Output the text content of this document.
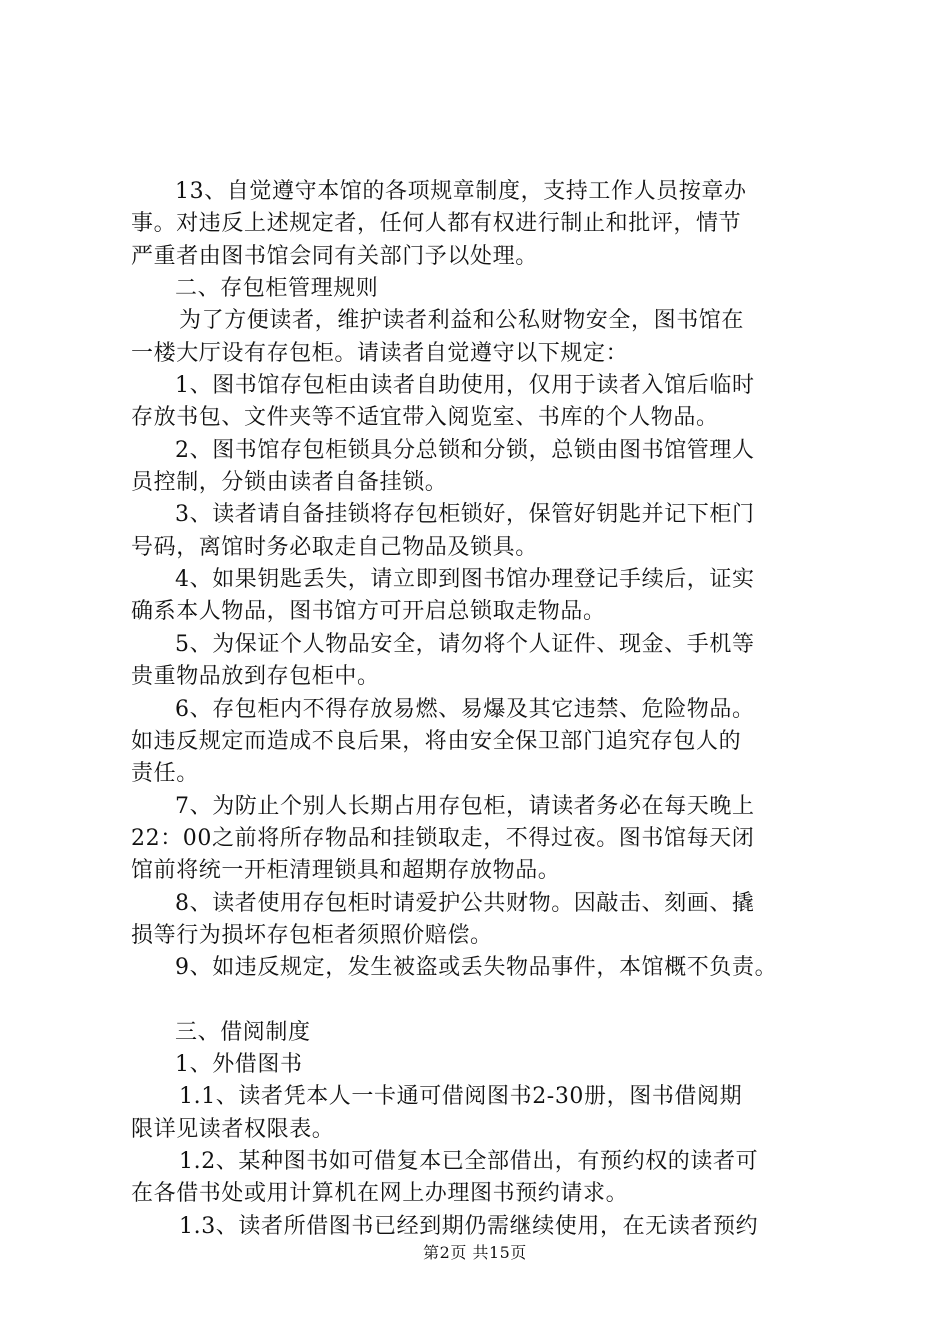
13、自觉遵守本馆的各项规章制度，支持工作人员按章办
事。对违反上述规定者，任何人都有权进行制止和批评，情节
严重者由图书馆会同有关部门予以处理。
二、存包柜管理规则
为了方便读者，维护读者利益和公私财物安全，图书馆在
一楼大厅设有存包柜。请读者自觉遵守以下规定：
1、图书馆存包柜由读者自助使用，仅用于读者入馆后临时
存放书包、文件夹等不适宜带入阅览室、书库的个人物品。
2、图书馆存包柜锁具分总锁和分锁，总锁由图书馆管理人
员控制，分锁由读者自备挂锁。
3、读者请自备挂锁将存包柜锁好，保管好钥匙并记下柜门
号码，离馆时务必取走自己物品及锁具。
4、如果钥匙丢失，请立即到图书馆办理登记手续后，证实
确系本人物品，图书馆方可开启总锁取走物品。
5、为保证个人物品安全，请勿将个人证件、现金、手机等
贵重物品放到存包柜中。
6、存包柜内不得存放易燃、易爆及其它违禁、危险物品。
如违反规定而造成不良后果，将由安全保卫部门追究存包人的
责任。
7、为防止个别人长期占用存包柜，请读者务必在每天晚上
22：00之前将所存物品和挂锁取走，不得过夜。图书馆每天闭
馆前将统一开柜清理锁具和超期存放物品。
8、读者使用存包柜时请爱护公共财物。因敲击、刻画、撬
损等行为损坏存包柜者须照价赔偿。
9、如违反规定，发生被盗或丢失物品事件，本馆概不负责。
三、借阅制度
1、外借图书
1.1、读者凭本人一卡通可借阅图书2-30册，图书借阅期
限详见读者权限表。
1.2、某种图书如可借复本已全部借出，有预约权的读者可
在各借书处或用计算机在网上办理图书预约请求。
1.3、读者所借图书已经到期仍需继续使用，在无读者预约
第2页 共15页
